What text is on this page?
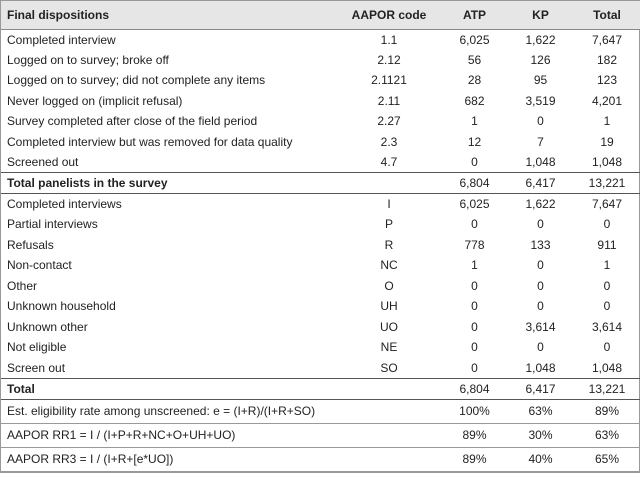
Final dispositions	AAPOR code	ATP	KP	Total
Completed interview	1.1	6,025	1,622	7,647
Logged on to survey; broke off	2.12	56	126	182
Logged on to survey; did not complete any items	2.1121	28	95	123
Never logged on (implicit refusal)	2.11	682	3,519	4,201
Survey completed after close of the field period	2.27	1	0	1
Completed interview but was removed for data quality	2.3	12	7	19
Screened out	4.7	0	1,048	1,048
Total panelists in the survey		6,804	6,417	13,221
Completed interviews	I	6,025	1,622	7,647
Partial interviews	P	0	0	0
Refusals	R	778	133	911
Non-contact	NC	1	0	1
Other	O	0	0	0
Unknown household	UH	0	0	0
Unknown other	UO	0	3,614	3,614
Not eligible	NE	0	0	0
Screen out	SO	0	1,048	1,048
Total		6,804	6,417	13,221
Est. eligibility rate among unscreened: e = (I+R)/(I+R+SO)		100%	63%	89%
AAPOR RR1 = I / (I+P+R+NC+O+UH+UO)		89%	30%	63%
AAPOR RR3 = I / (I+R+[e*UO])		89%	40%	65%
